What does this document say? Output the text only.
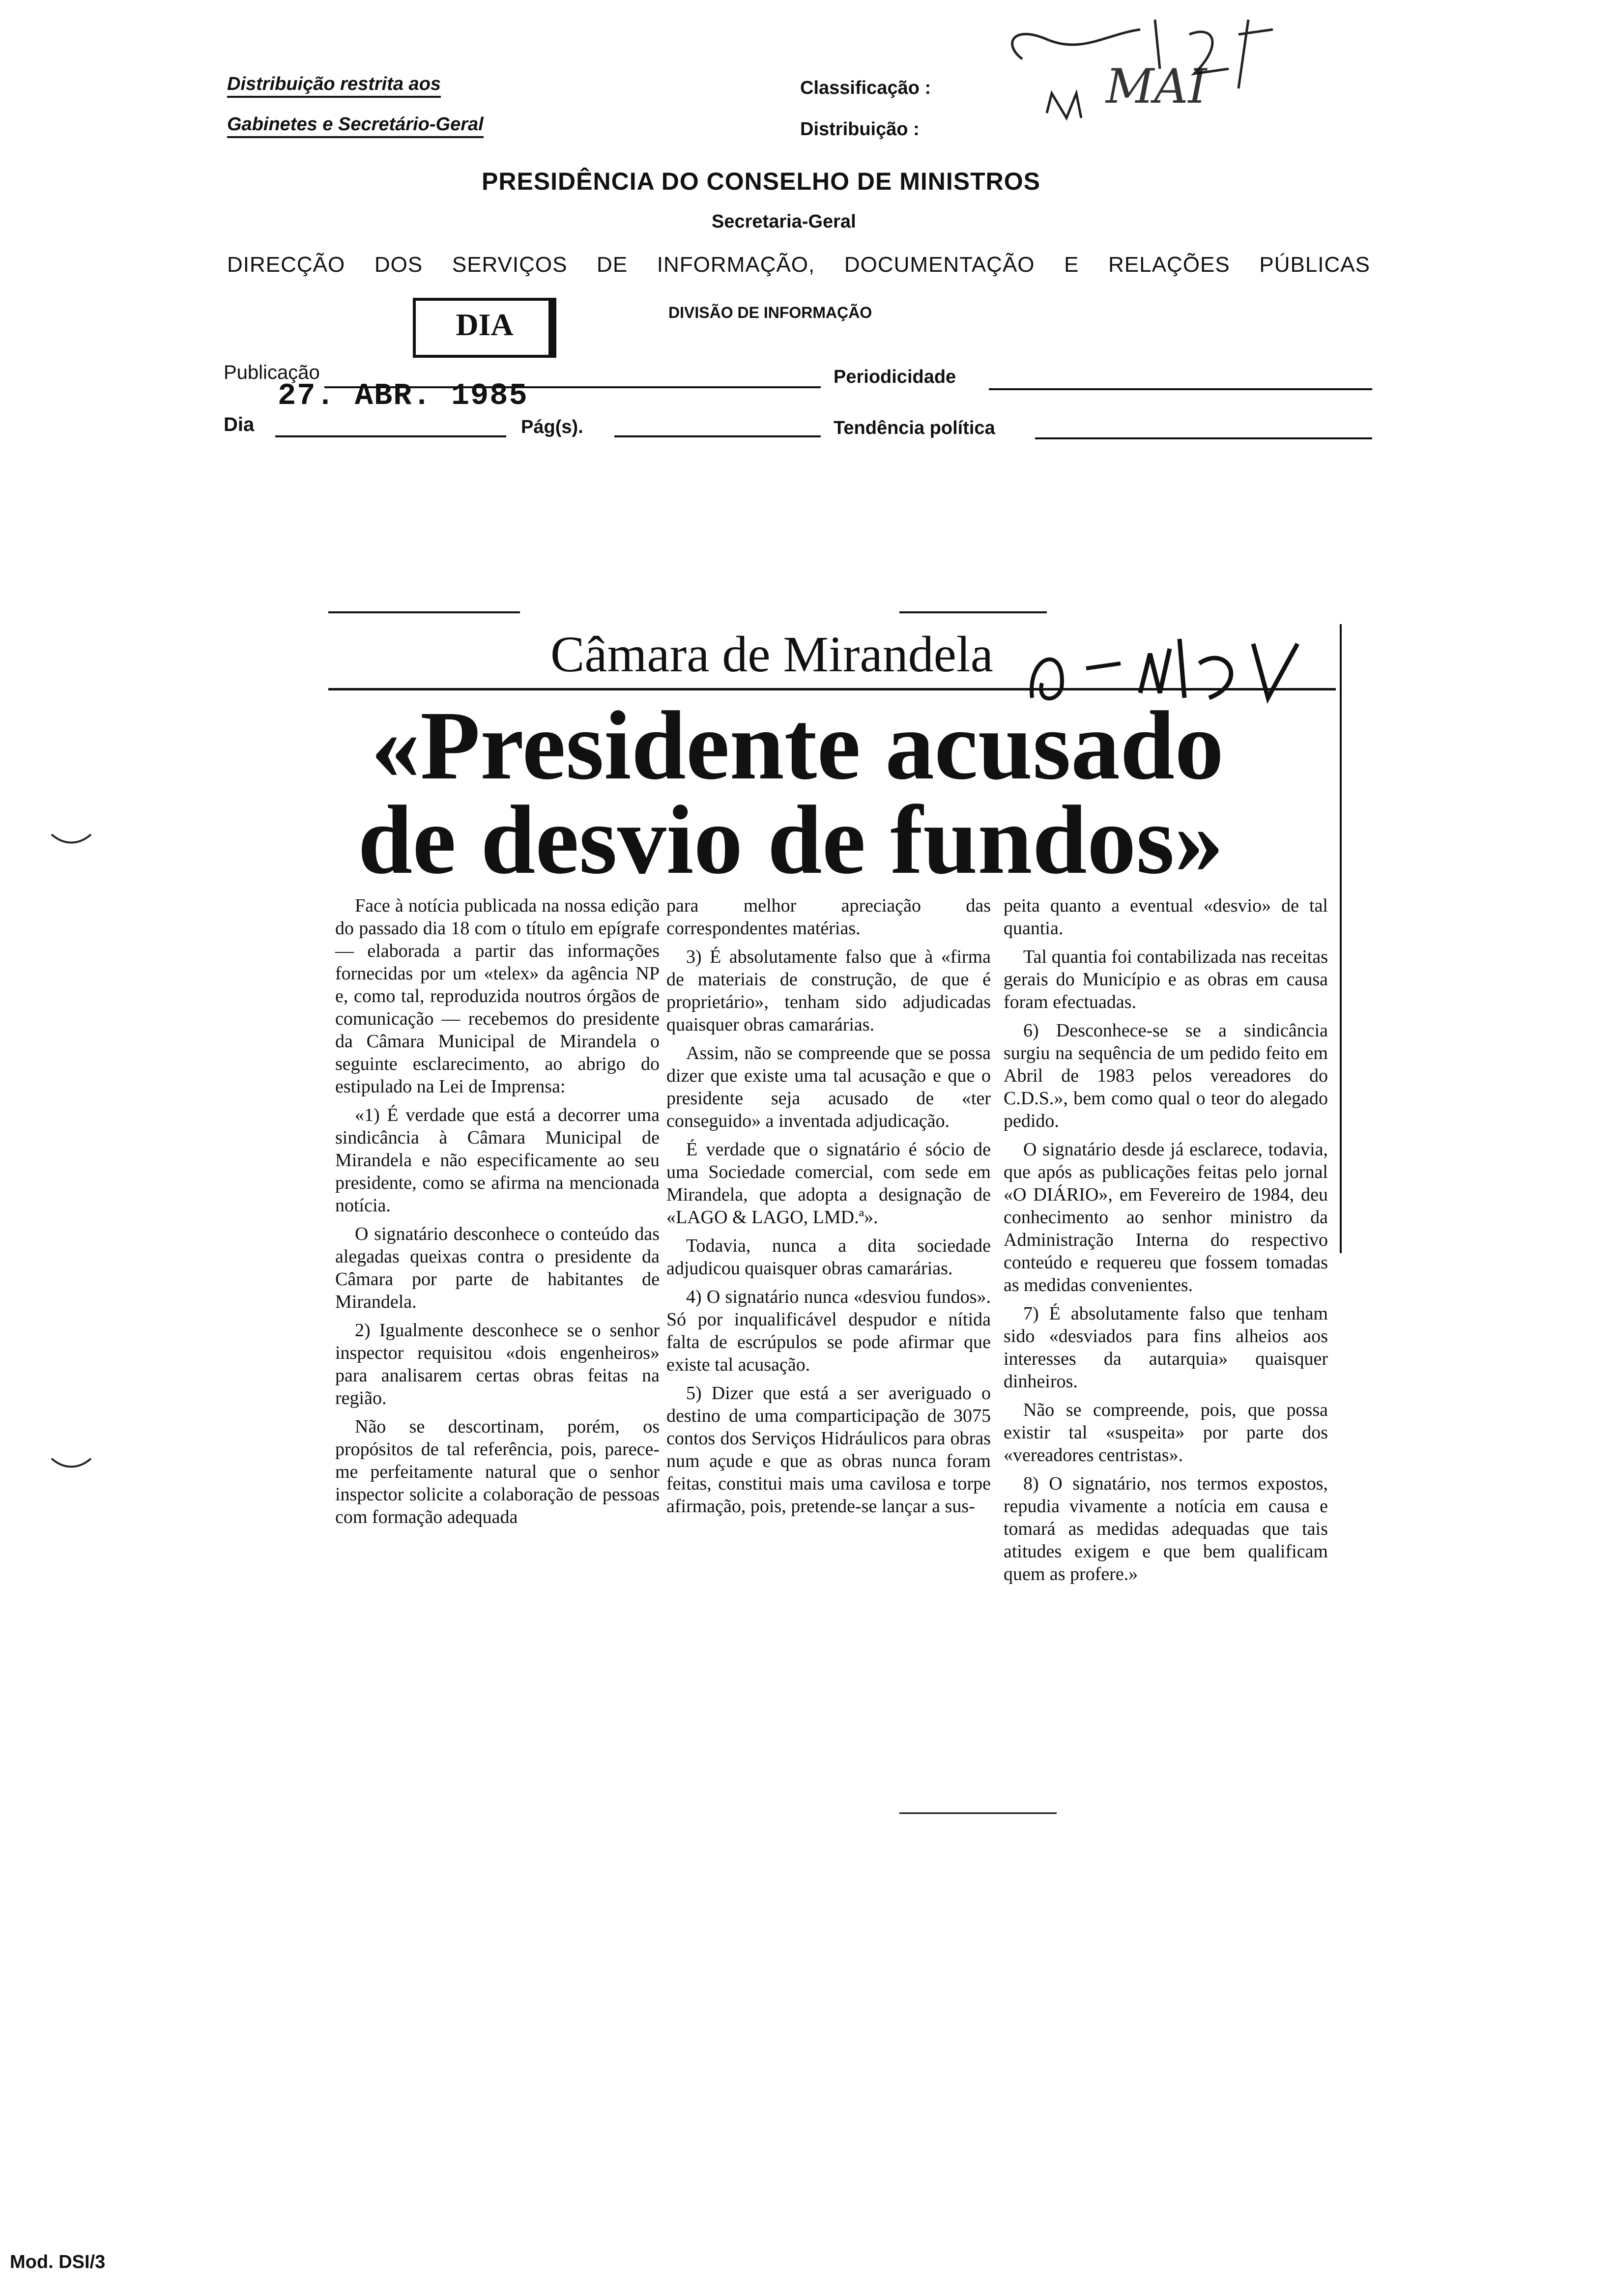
Distribuição restrita aos
Gabinetes e Secretário-Geral
Classificação :
Distribuição :
MAI
PRESIDÊNCIA DO CONSELHO DE MINISTROS
Secretaria-Geral
DIRECÇÃO DOS SERVIÇOS DE INFORMAÇÃO, DOCUMENTAÇÃO E RELAÇÕES PÚBLICAS
DIA	DIVISÃO DE INFORMAÇÃO
Publicação
27. ABR. 1985
Periodicidade
Dia	Pág(s).	Tendência política
Câmara de Mirandela
«Presidente acusado
de desvio de fundos»

Face à notícia publicada na nossa edição do passado dia 18 com o título em epígrafe — elaborada a partir das informações fornecidas por um «telex» da agência NP e, como tal, reproduzida noutros órgãos de comunicação — recebemos do presidente da Câmara Municipal de Mirandela o seguinte esclarecimento, ao abrigo do estipulado na Lei de Imprensa:

«1) É verdade que está a decorrer uma sindicância à Câmara Municipal de Mirandela e não especificamente ao seu presidente, como se afirma na mencionada notícia.

O signatário desconhece o conteúdo das alegadas queixas contra o presidente da Câmara por parte de habitantes de Mirandela.

2) Igualmente desconhece se o senhor inspector requisitou «dois engenheiros» para analisarem certas obras feitas na região.

Não se descortinam, porém, os propósitos de tal referência, pois, parece-me perfeitamente natural que o senhor inspector solicite a colaboração de pessoas com formação adequada

para melhor apreciação das correspondentes matérias.

3) É absolutamente falso que à «firma de materiais de construção, de que é proprietário», tenham sido adjudicadas quaisquer obras camarárias.

Assim, não se compreende que se possa dizer que existe uma tal acusação e que o presidente seja acusado de «ter conseguido» a inventada adjudicação.

É verdade que o signatário é sócio de uma Sociedade comercial, com sede em Mirandela, que adopta a designação de «LAGO & LAGO, LMD.ª».

Todavia, nunca a dita sociedade adjudicou quaisquer obras camarárias.

4) O signatário nunca «desviou fundos». Só por inqualificável despudor e nítida falta de escrúpulos se pode afirmar que existe tal acusação.

5) Dizer que está a ser averiguado o destino de uma comparticipação de 3075 contos dos Serviços Hidráulicos para obras num açude e que as obras nunca foram feitas, constitui mais uma cavilosa e torpe afirmação, pois, pretende-se lançar a sus-

peita quanto a eventual «desvio» de tal quantia.

Tal quantia foi contabilizada nas receitas gerais do Município e as obras em causa foram efectuadas.

6) Desconhece-se se a sindicância surgiu na sequência de um pedido feito em Abril de 1983 pelos vereadores do C.D.S.», bem como qual o teor do alegado pedido.

O signatário desde já esclarece, todavia, que após as publicações feitas pelo jornal «O DIÁRIO», em Fevereiro de 1984, deu conhecimento ao senhor ministro da Administração Interna do respectivo conteúdo e requereu que fossem tomadas as medidas convenientes.

7) É absolutamente falso que tenham sido «desviados para fins alheios aos interesses da autarquia» quaisquer dinheiros.

Não se compreende, pois, que possa existir tal «suspeita» por parte dos «vereadores centristas».

8) O signatário, nos termos expostos, repudia vivamente a notícia em causa e tomará as medidas adequadas que tais atitudes exigem e que bem qualificam quem as profere.»

Mod. DSI/3
